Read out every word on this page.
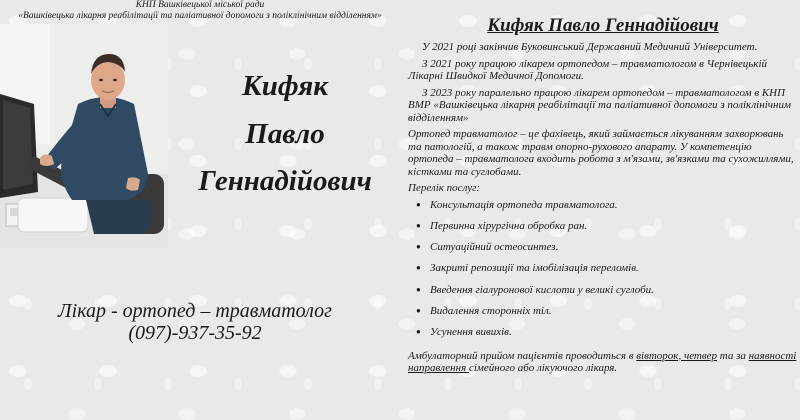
КНП Вашківецької міської ради
«Вашківецька лікарня реабілітації та паліативної допомоги з поліклінічним відділенням»
Кифяк
Павло
Геннадійович
Лікар - ортопед – травматолог
(097)-937-35-92
Кифяк Павло Геннадійович

У 2021 році закінчив Буковинський Державний Медичний Університет.

З 2021 року працюю лікарем ортопедом – травматологом в Чернівецькій Лікарні Швидкої Медичної Допомоги.

З 2023 року паралельно працюю лікарем ортопедом – травматологом в КНП ВМР «Вашківецька лікарня реабілітації та паліативної допомоги з поліклінічним відділенням»

Ортопед травматолог – це фахівець, який займається лікуванням захворювань та патологій, а також травм опорно-рухового апарату. У компетенцію ортопеда – травматолога входить робота з м'язами, зв'язками та сухожиллями, кістками та суглобами.

Перелік послуг:
● Консультація ортопеда травматолога.
● Первинна хірургічна обробка ран.
● Ситуаційний остеосинтез.
● Закриті репозиції та імобілізація переломів.
● Введення гіалуронової кислоти у великі суглоби.
● Видалення сторонніх тіл.
● Усунення вивихів.
Амбулаторний прийом пацієнтів проводиться в вівторок, четвер та за наявності направлення сімейного або лікуючого лікаря.
